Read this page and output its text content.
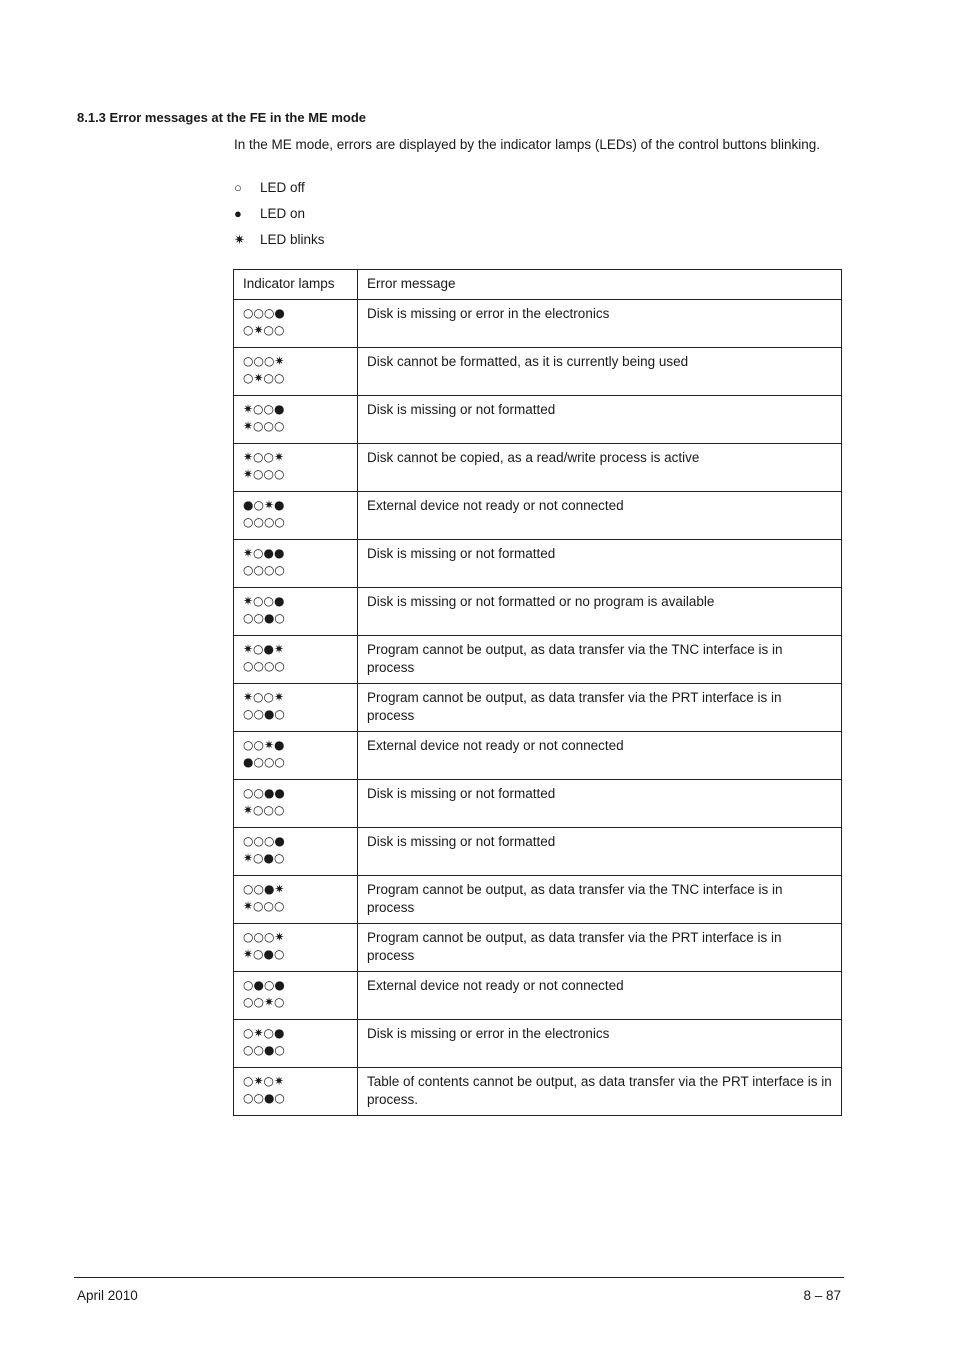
8.1.3 Error messages at the FE in the ME mode

In the ME mode, errors are displayed by the indicator lamps (LEDs) of the control buttons blinking.

○	LED off
●	LED on
✷	LED blinks
Indicator lamps	Error message

○○○●
○✷○○	Disk is missing or error in the electronics

○○○✷
○✷○○	Disk cannot be formatted, as it is currently being used

✷○○●
✷○○○	Disk is missing or not formatted

✷○○✷
✷○○○	Disk cannot be copied, as a read/write process is active

●○✷●
○○○○	External device not ready or not connected

✷○●●
○○○○	Disk is missing or not formatted

✷○○●
○○●○	Disk is missing or not formatted or no program is available

✷○●✷
○○○○	Program cannot be output, as data transfer via the TNC interface is in process

✷○○✷
○○●○	Program cannot be output, as data transfer via the PRT interface is in process

○○✷●
●○○○	External device not ready or not connected

○○●●
✷○○○	Disk is missing or not formatted

○○○●
✷○●○	Disk is missing or not formatted

○○●✷
✷○○○	Program cannot be output, as data transfer via the TNC interface is in process

○○○✷
✷○●○	Program cannot be output, as data transfer via the PRT interface is in process

○●○●
○○✷○	External device not ready or not connected

○✷○●
○○●○	Disk is missing or error in the electronics

○✷○✷
○○●○	Table of contents cannot be output, as data transfer via the PRT interface is in process.
April 2010	8 – 87
